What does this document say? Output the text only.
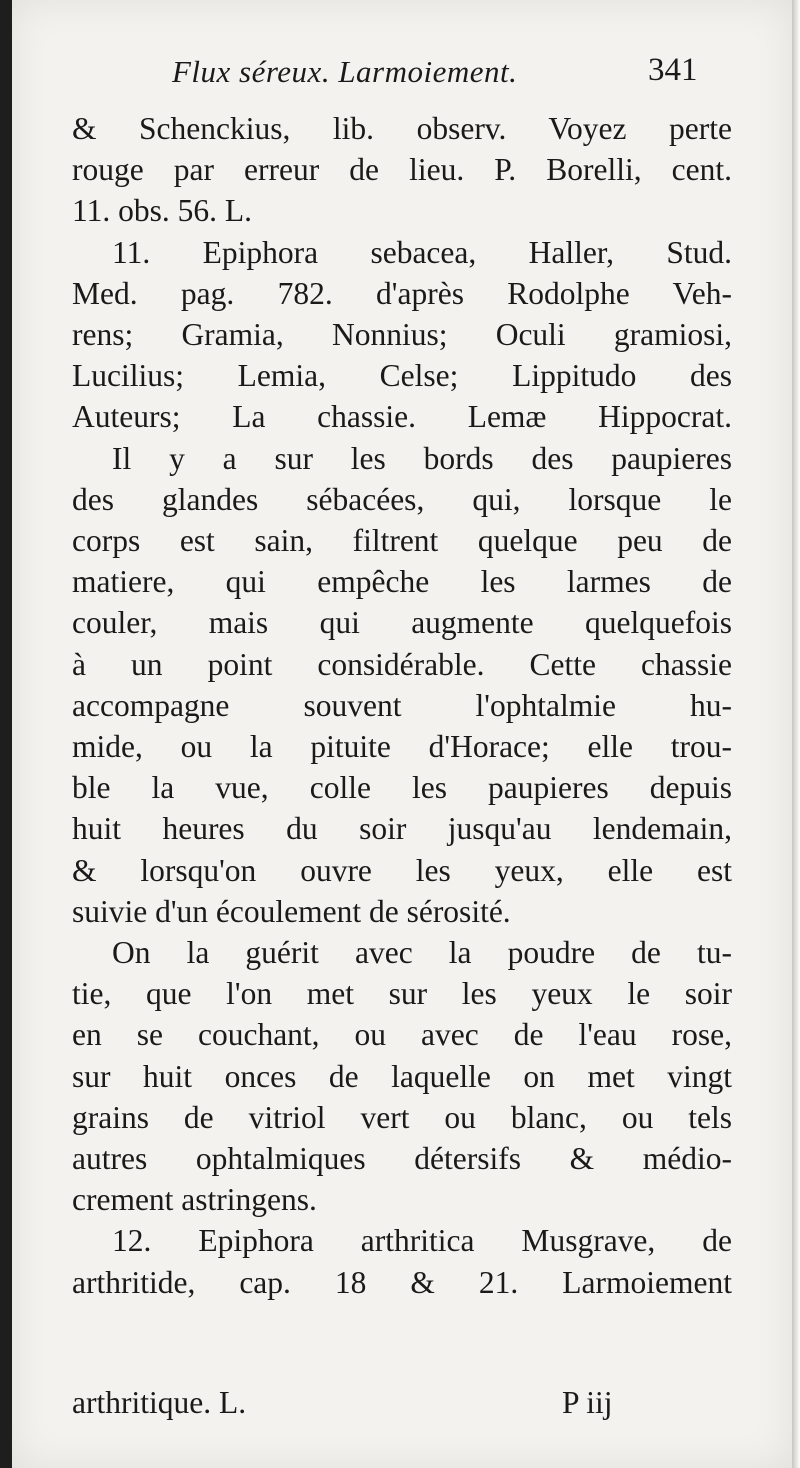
Flux séreux. Larmoiement.	341

& Schenckius, lib. observ. Voyez perte
rouge par erreur de lieu. P. Borelli, cent.
11. obs. 56. L.

11. Epiphora sebacea, Haller, Stud.
Med. pag. 782. d'après Rodolphe Veh-
rens; Gramia, Nonnius; Oculi gramiosi,
Lucilius; Lemia, Celse; Lippitudo des
Auteurs; La chassie. Lemæ Hippocrat.

Il y a sur les bords des paupieres
des glandes sébacées, qui, lorsque le
corps est sain, filtrent quelque peu de
matiere, qui empêche les larmes de
couler, mais qui augmente quelquefois
à un point considérable. Cette chassie
accompagne souvent l'ophtalmie hu-
mide, ou la pituite d'Horace; elle trou-
ble la vue, colle les paupieres depuis
huit heures du soir jusqu'au lendemain,
& lorsqu'on ouvre les yeux, elle est
suivie d'un écoulement de sérosité.

On la guérit avec la poudre de tu-
tie, que l'on met sur les yeux le soir
en se couchant, ou avec de l'eau rose,
sur huit onces de laquelle on met vingt
grains de vitriol vert ou blanc, ou tels
autres ophtalmiques détersifs & médio-
crement astringens.

12. Epiphora arthritica Musgrave, de
arthritide, cap. 18 & 21. Larmoiement

arthritique. L.	P iij
